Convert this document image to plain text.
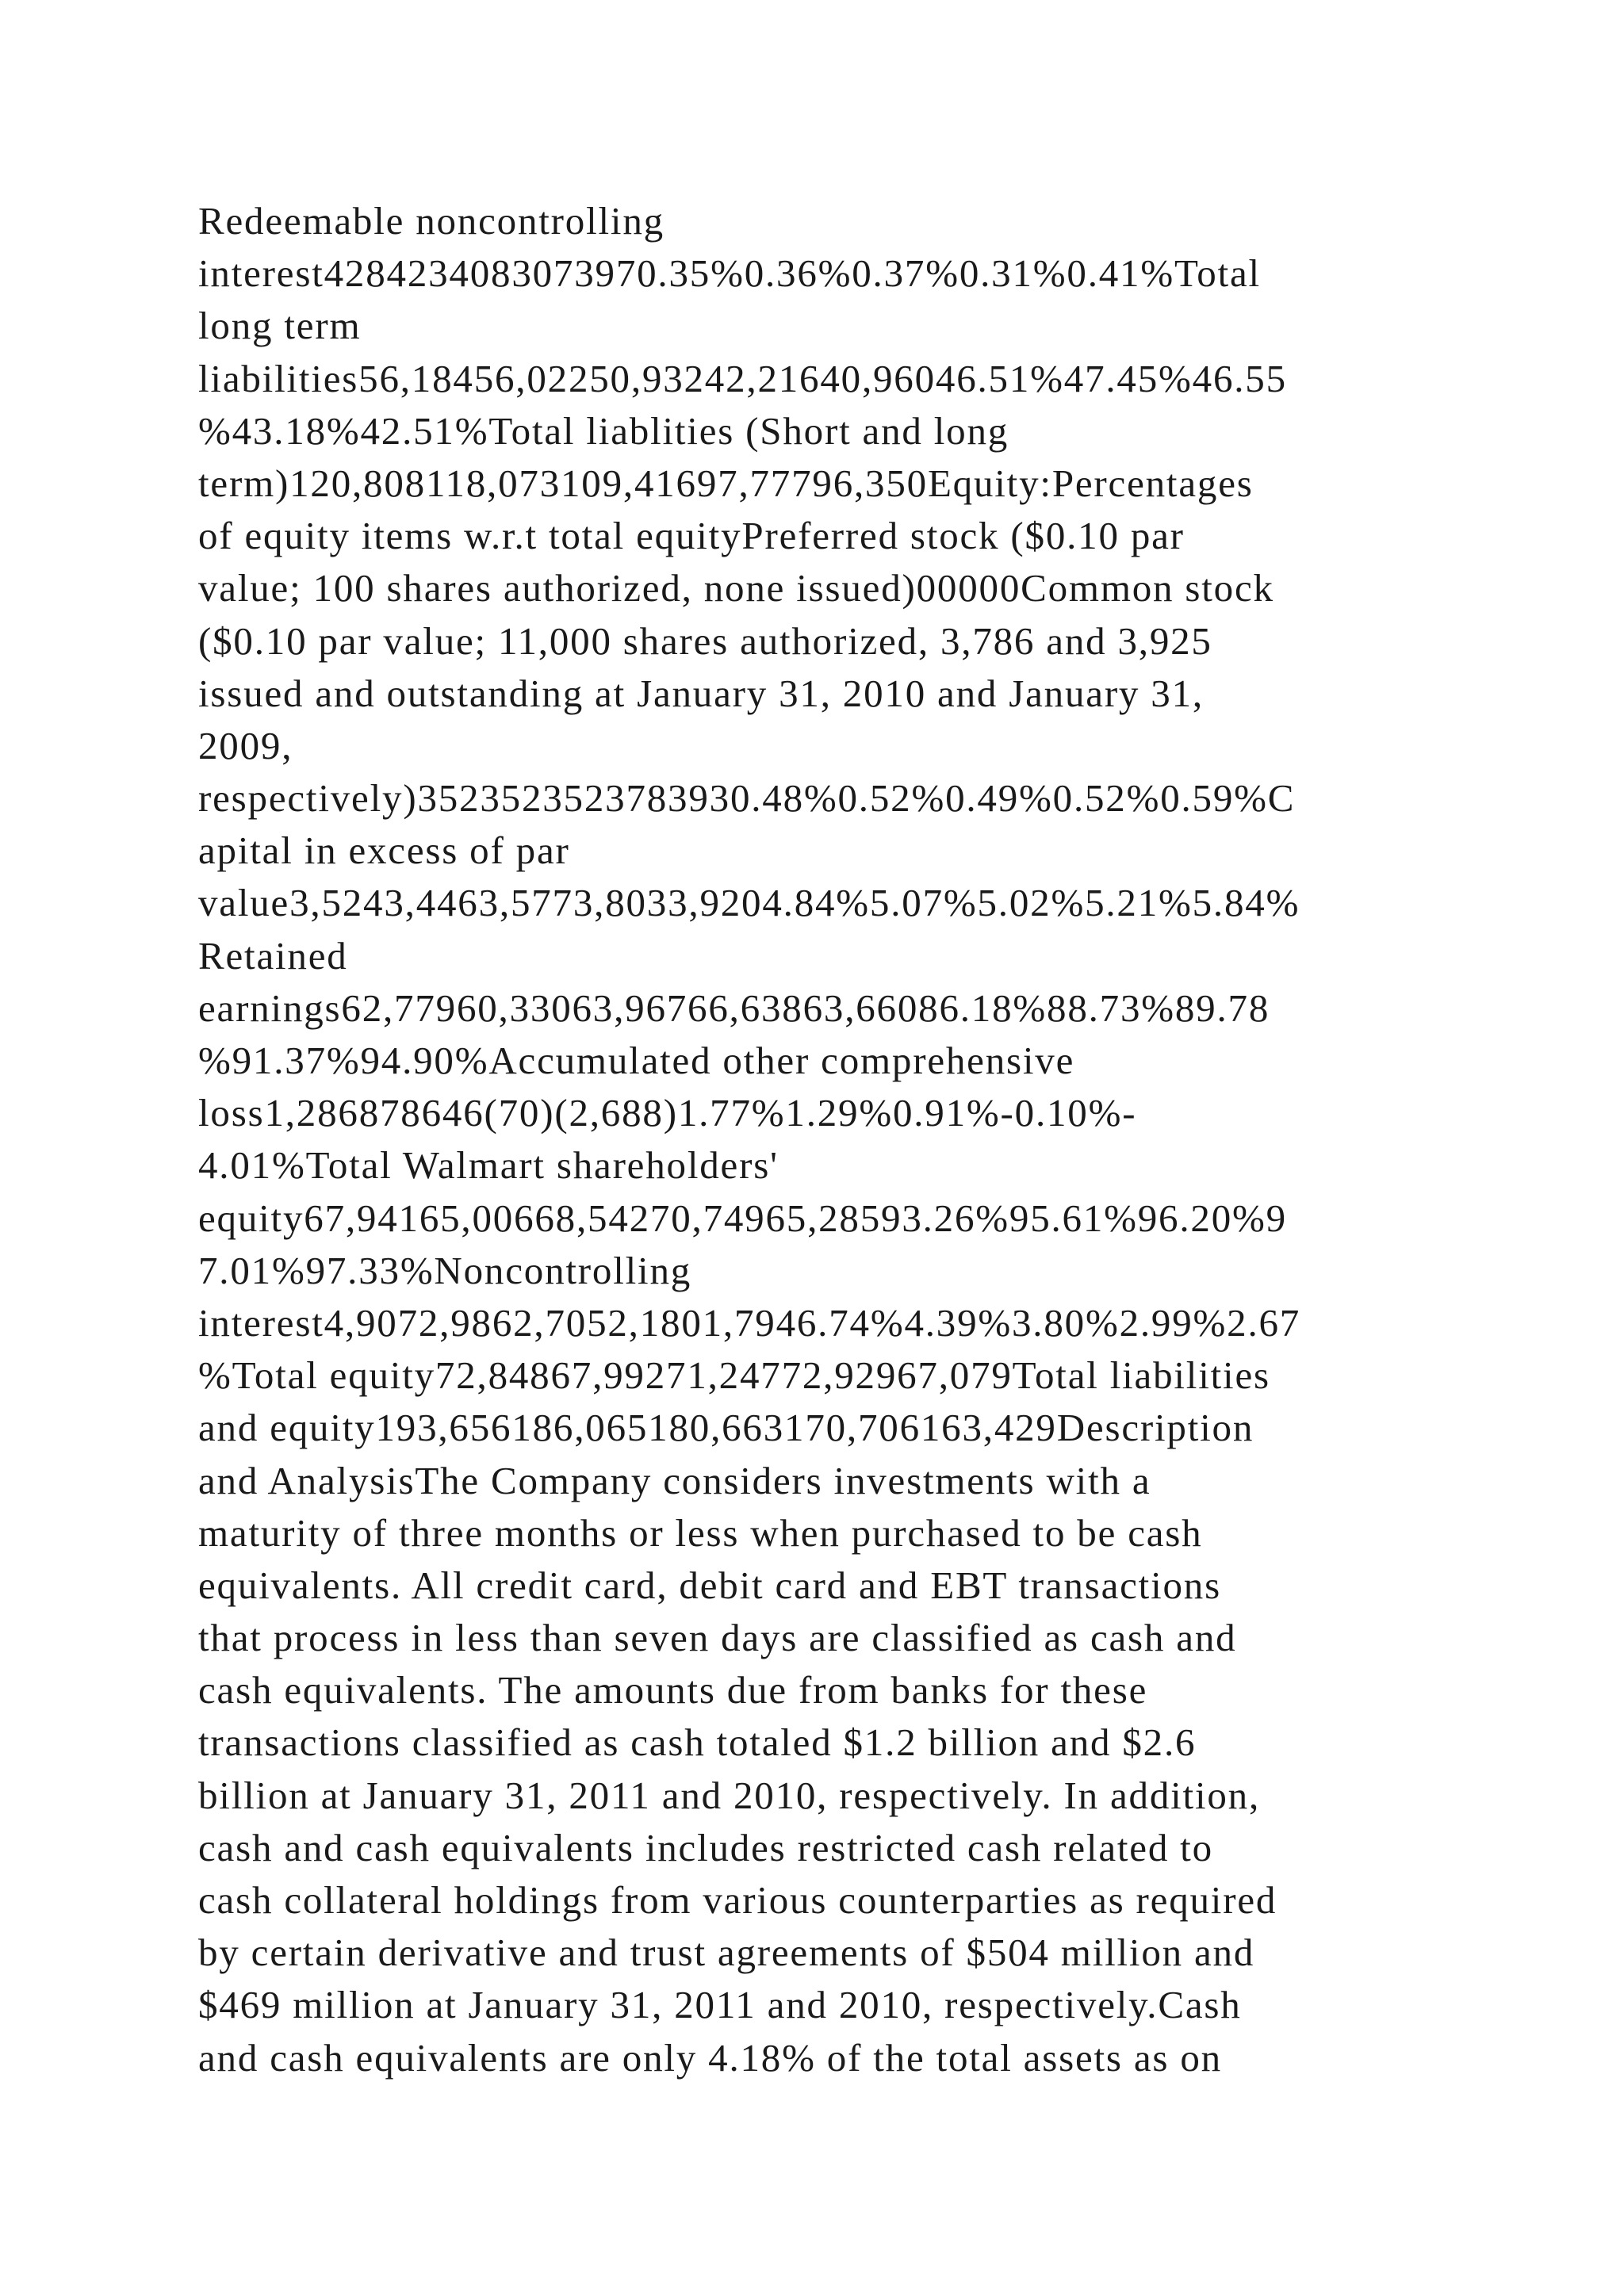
Redeemable noncontrolling
interest4284234083073970.35%0.36%0.37%0.31%0.41%Total
long term
liabilities56,18456,02250,93242,21640,96046.51%47.45%46.55
%43.18%42.51%Total liablities (Short and long
term)120,808118,073109,41697,77796,350Equity:Percentages
of equity items w.r.t total equityPreferred stock ($0.10 par
value; 100 shares authorized, none issued)00000Common stock
($0.10 par value; 11,000 shares authorized, 3,786 and 3,925
issued and outstanding at January 31, 2010 and January 31,
2009,
respectively)3523523523783930.48%0.52%0.49%0.52%0.59%C
apital in excess of par
value3,5243,4463,5773,8033,9204.84%5.07%5.02%5.21%5.84%
Retained
earnings62,77960,33063,96766,63863,66086.18%88.73%89.78
%91.37%94.90%Accumulated other comprehensive
loss1,286878646(70)(2,688)1.77%1.29%0.91%-0.10%-
4.01%Total Walmart shareholders'
equity67,94165,00668,54270,74965,28593.26%95.61%96.20%9
7.01%97.33%Noncontrolling
interest4,9072,9862,7052,1801,7946.74%4.39%3.80%2.99%2.67
%Total equity72,84867,99271,24772,92967,079Total liabilities
and equity193,656186,065180,663170,706163,429Description
and AnalysisThe Company considers investments with a
maturity of three months or less when purchased to be cash
equivalents. All credit card, debit card and EBT transactions
that process in less than seven days are classified as cash and
cash equivalents. The amounts due from banks for these
transactions classified as cash totaled $1.2 billion and $2.6
billion at January 31, 2011 and 2010, respectively. In addition,
cash and cash equivalents includes restricted cash related to
cash collateral holdings from various counterparties as required
by certain derivative and trust agreements of $504 million and
$469 million at January 31, 2011 and 2010, respectively.Cash
and cash equivalents are only 4.18% of the total assets as on
